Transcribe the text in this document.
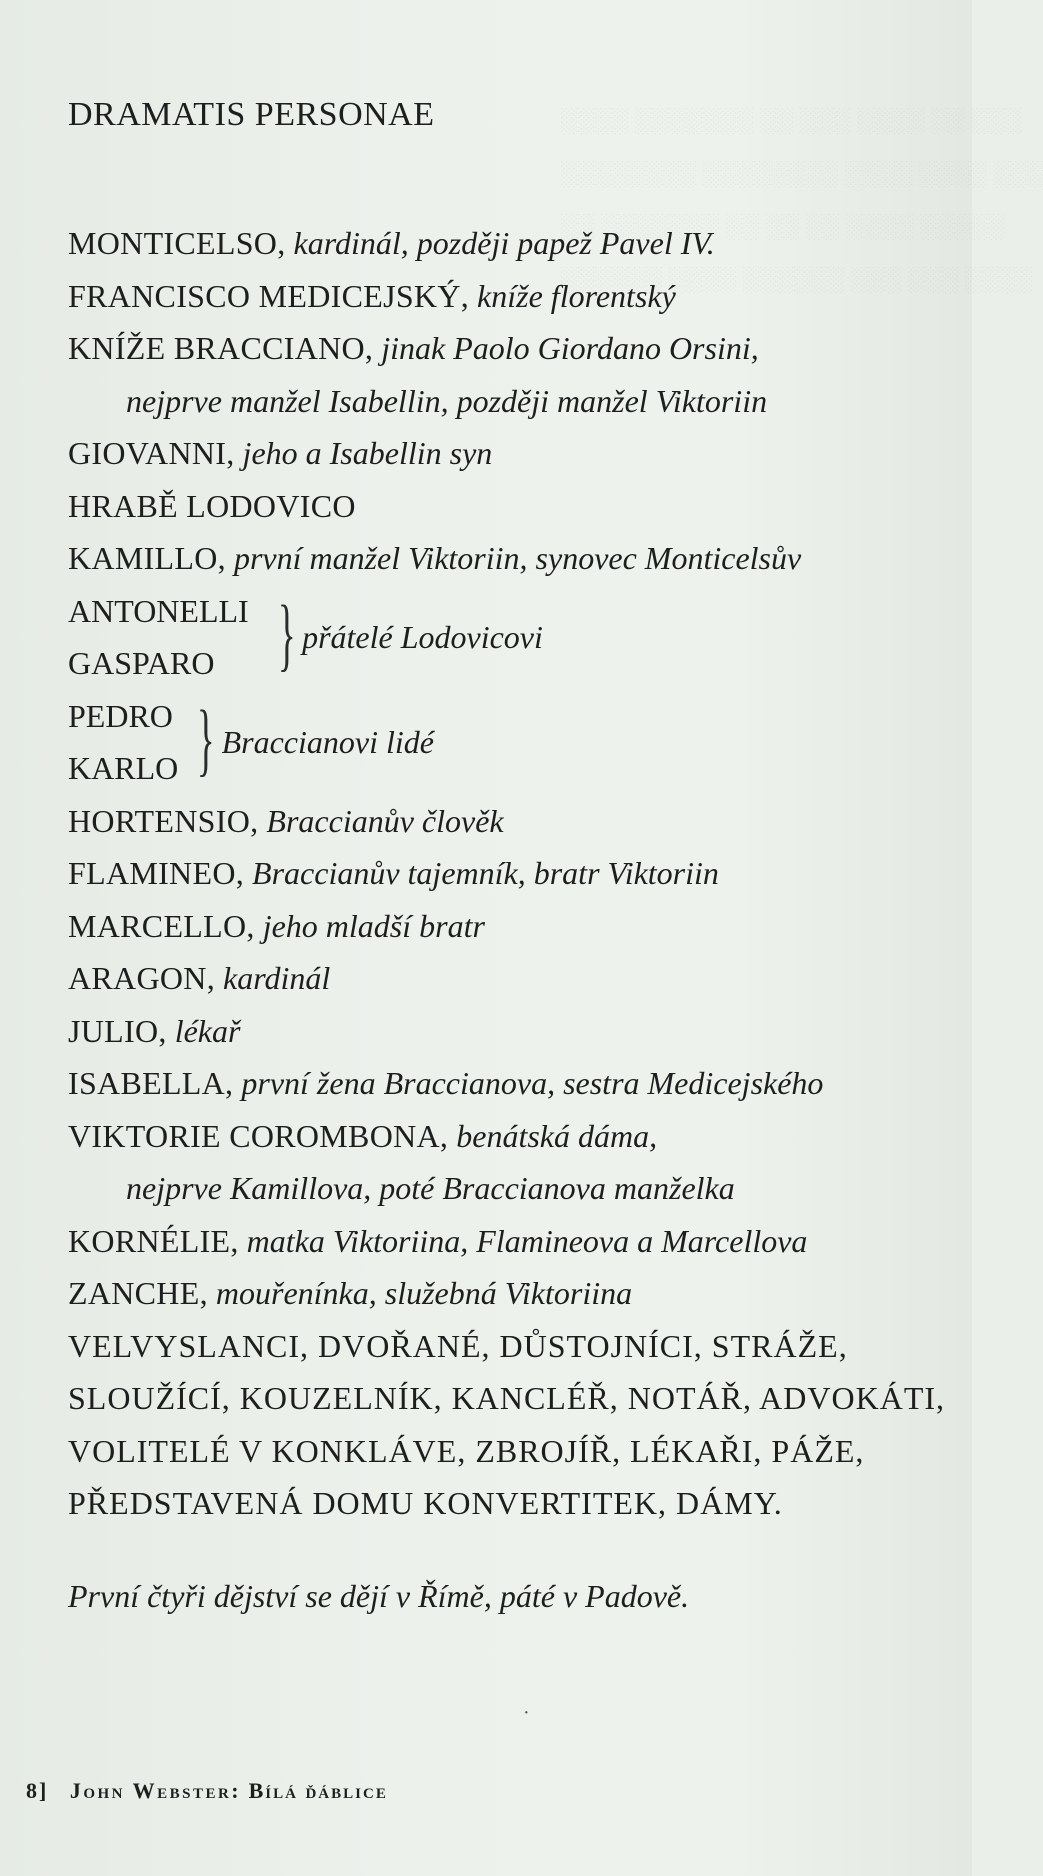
░░░░ ░░░░░░░ ░░ ░░░ ░░░░ ░░ ░░░
░░░░░░░░ ░░░░░░░░ ░░░░ ░░░░ ░░░
░░ ░░░░░░░ ░░ ░░ ░░ ░░░░ ░░░░░
░░░░░░ ░░░░ ░░░░░░ ░░░ ░░░ ░░░░
DRAMATIS PERSONAE
MONTICELSO, kardinál, později papež Pavel IV.
FRANCISCO MEDICEJSKÝ, kníže florentský
KNÍŽE BRACCIANO, jinak Paolo Giordano Orsini,
nejprve manžel Isabellin, později manžel Viktoriin
GIOVANNI, jeho a Isabellin syn
HRABĚ LODOVICO
KAMILLO, první manžel Viktoriin, synovec Monticelsův
ANTONELLI
GASPARO } přátelé Lodovicovi
PEDRO
KARLO } Braccianovi lidé
HORTENSIO, Braccianův člověk
FLAMINEO, Braccianův tajemník, bratr Viktoriin
MARCELLO, jeho mladší bratr
ARAGON, kardinál
JULIO, lékař
ISABELLA, první žena Braccianova, sestra Medicejského
VIKTORIE COROMBONA, benátská dáma,
nejprve Kamillova, poté Braccianova manželka
KORNÉLIE, matka Viktoriina, Flamineova a Marcellova
ZANCHE, mouřenínka, služebná Viktoriina
VELVYSLANCI, DVOŘANÉ, DŮSTOJNÍCI, STRÁŽE,
SLOUŽÍCÍ, KOUZELNÍK, KANCLÉŘ, NOTÁŘ, ADVOKÁTI,
VOLITELÉ V KONKLÁVE, ZBROJÍŘ, LÉKAŘI, PÁŽE,
PŘEDSTAVENÁ DOMU KONVERTITEK, DÁMY.
První čtyři dějství se dějí v Římě, páté v Padově.
·
8] John Webster: Bílá ďáblice
